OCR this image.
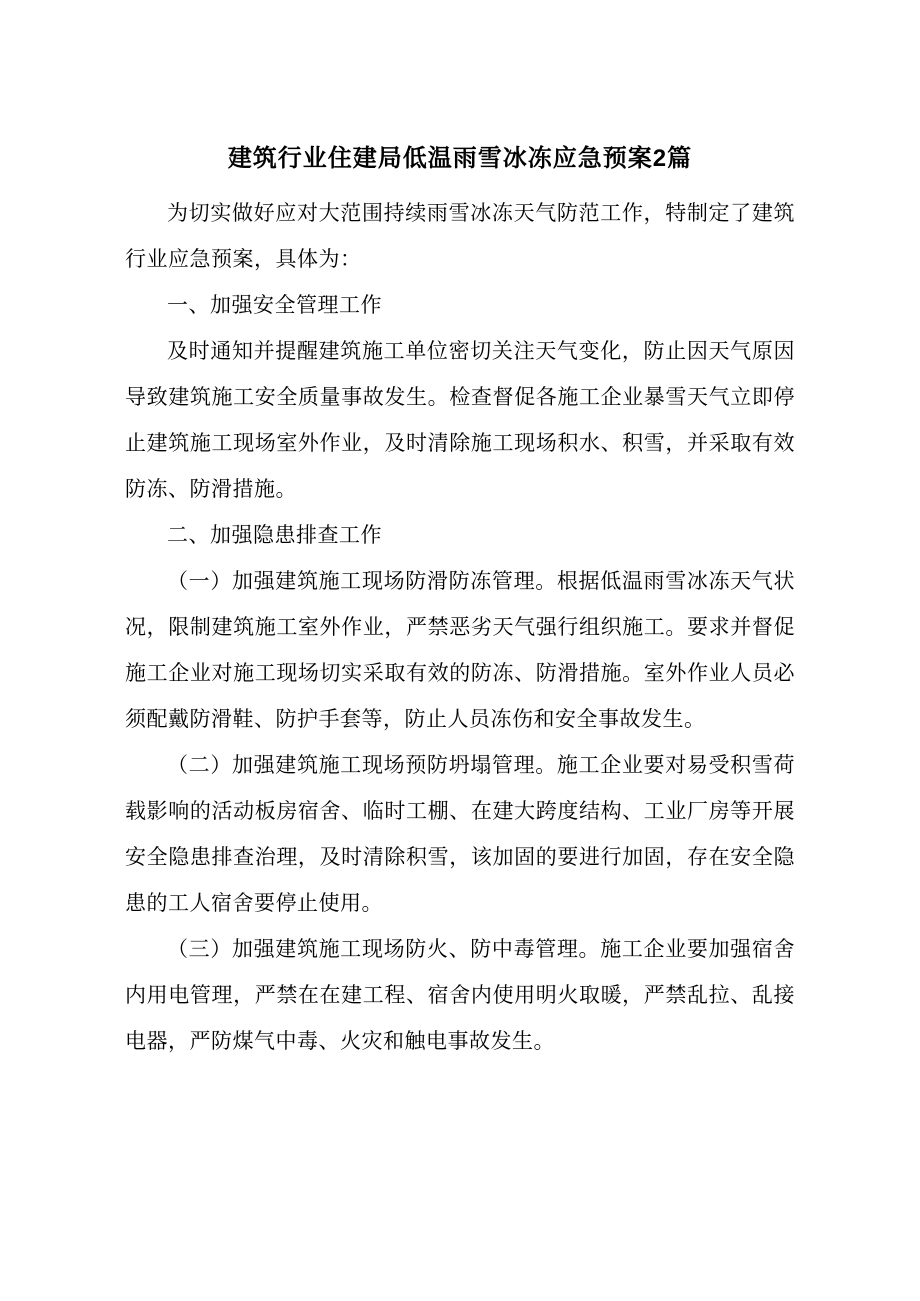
建筑行业住建局低温雨雪冰冻应急预案2篇

为切实做好应对大范围持续雨雪冰冻天气防范工作，特制定了建筑行业应急预案，具体为：

一、加强安全管理工作

及时通知并提醒建筑施工单位密切关注天气变化，防止因天气原因导致建筑施工安全质量事故发生。检查督促各施工企业暴雪天气立即停止建筑施工现场室外作业，及时清除施工现场积水、积雪，并采取有效防冻、防滑措施。

二、加强隐患排查工作

（一）加强建筑施工现场防滑防冻管理。根据低温雨雪冰冻天气状况，限制建筑施工室外作业，严禁恶劣天气强行组织施工。要求并督促施工企业对施工现场切实采取有效的防冻、防滑措施。室外作业人员必须配戴防滑鞋、防护手套等，防止人员冻伤和安全事故发生。

（二）加强建筑施工现场预防坍塌管理。施工企业要对易受积雪荷载影响的活动板房宿舍、临时工棚、在建大跨度结构、工业厂房等开展安全隐患排查治理，及时清除积雪，该加固的要进行加固，存在安全隐患的工人宿舍要停止使用。

（三）加强建筑施工现场防火、防中毒管理。施工企业要加强宿舍内用电管理，严禁在在建工程、宿舍内使用明火取暖，严禁乱拉、乱接电器，严防煤气中毒、火灾和触电事故发生。
